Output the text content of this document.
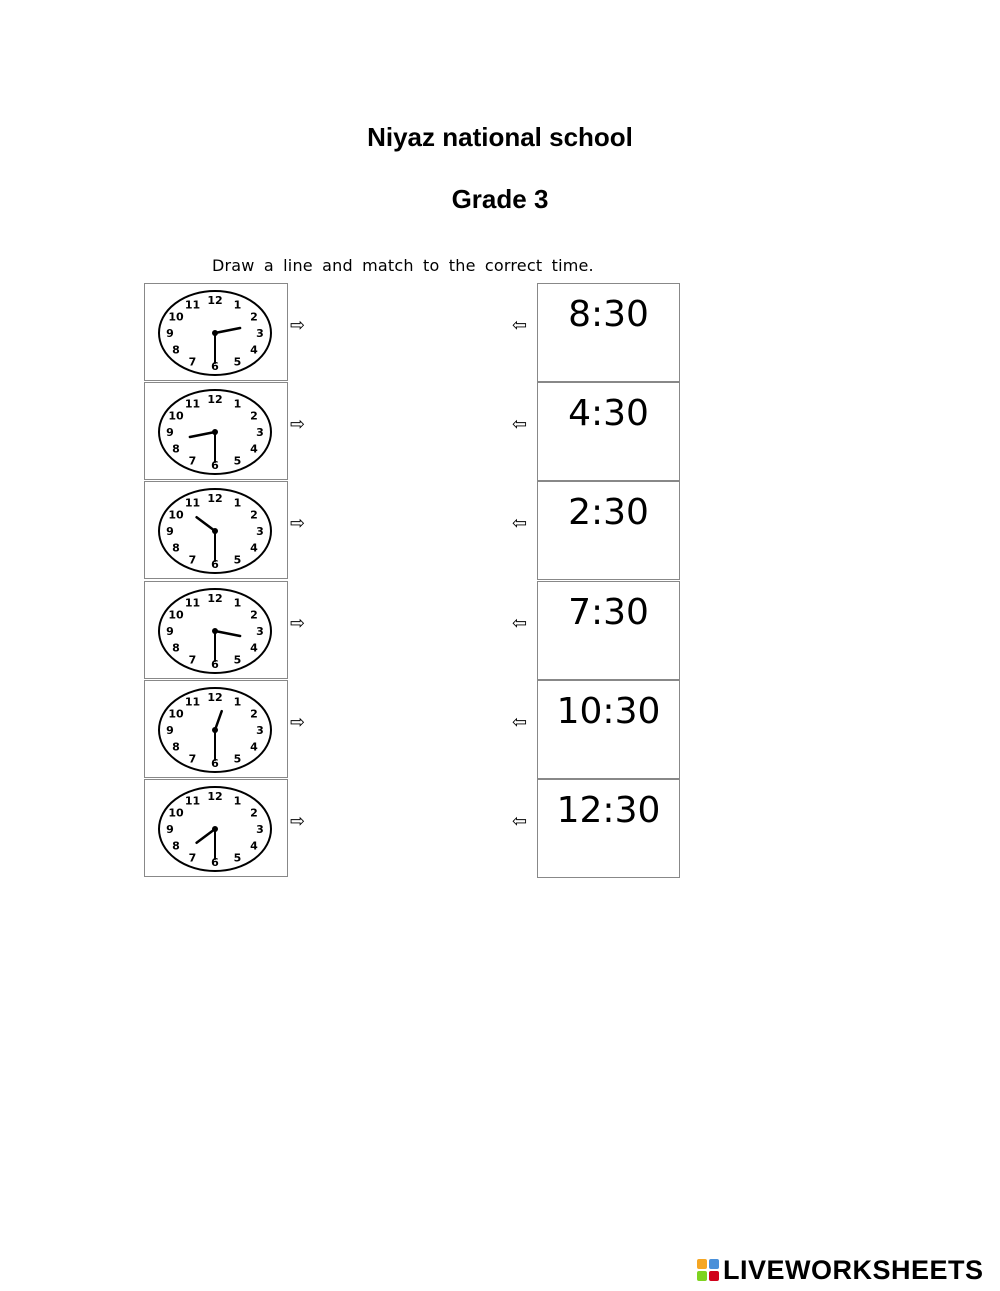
Niyaz national school
Grade 3
Draw a line and match to the correct time.
12 1
2
3
4
5
6
7
8
9
10
11
⇨	⇦	8:30
12 1
2
3
4
5
6
7
8
9
10
11
⇨	⇦	4:30
12 1
2
3
4
5
6
7
8
9
10
11
⇨	⇦	2:30
12 1
2
3
4
5
6
7
8
9
10
11
⇨	⇦	7:30
12 1
2
3
4
5
6
7
8
9
10
11
⇨	⇦ 10:30
12 1
2
3
4
5
6
7
8
9
10
11
⇨	⇦ 12:30
LIVEWORKSHEETS
